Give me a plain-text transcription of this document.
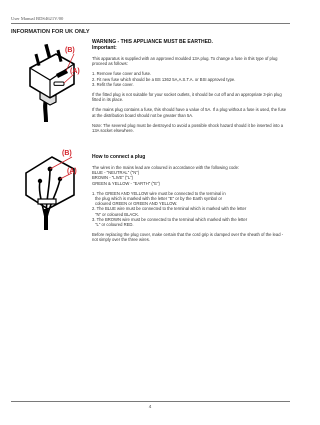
User Manual BDS4621V/00
INFORMATION FOR UK ONLY
(B)
(A)
(B)
(A)

WARNING - THIS APPLIANCE MUST BE EARTHED.

Important:

This apparatus is supplied with an approved moulded 13A plug. To change a fuse in this type of plug proceed as follows:

1. Remove fuse cover and fuse.

2. Fit new fuse which should be a BS 1362 5A,A.S.T.A. or BSI approved type.

3. Refit the fuse cover.

If the fitted plug is not suitable for your socket outlets, it should be cut off and an appropriate 3-pin plug fitted in its place.

If the mains plug contains a fuse, this should have a value of 5A. If a plug without a fuse is used, the fuse at the distribution board should not be greater than 5A.

Note: The severed plug must be destroyed to avoid a possible shock hazard should it be inserted into a 13A socket elsewhere.

How to connect a plug

The wires in the mains lead are coloured in accordance with the following code:

BLUE - "NEUTRAL" ("N")

BROWN - "LIVE" ("L")

GREEN & YELLOW - "EARTH" ("E")

1. The GREEN AND YELLOW wire must be connected to the terminal in

the plug which is marked with the letter "E" or by the Earth symbol or

coloured GREEN or GREEN AND YELLOW.

2. The BLUE wire must be connected to the terminal which is marked with the letter

"N" or coloured BLACK.

3. The BROWN wire must be connected to the terminal which marked with the letter

"L" or coloured RED.

Before replacing the plug cover, make certain that the cord grip is clamped over the sheath of the lead - not simply over the three wires.

4
